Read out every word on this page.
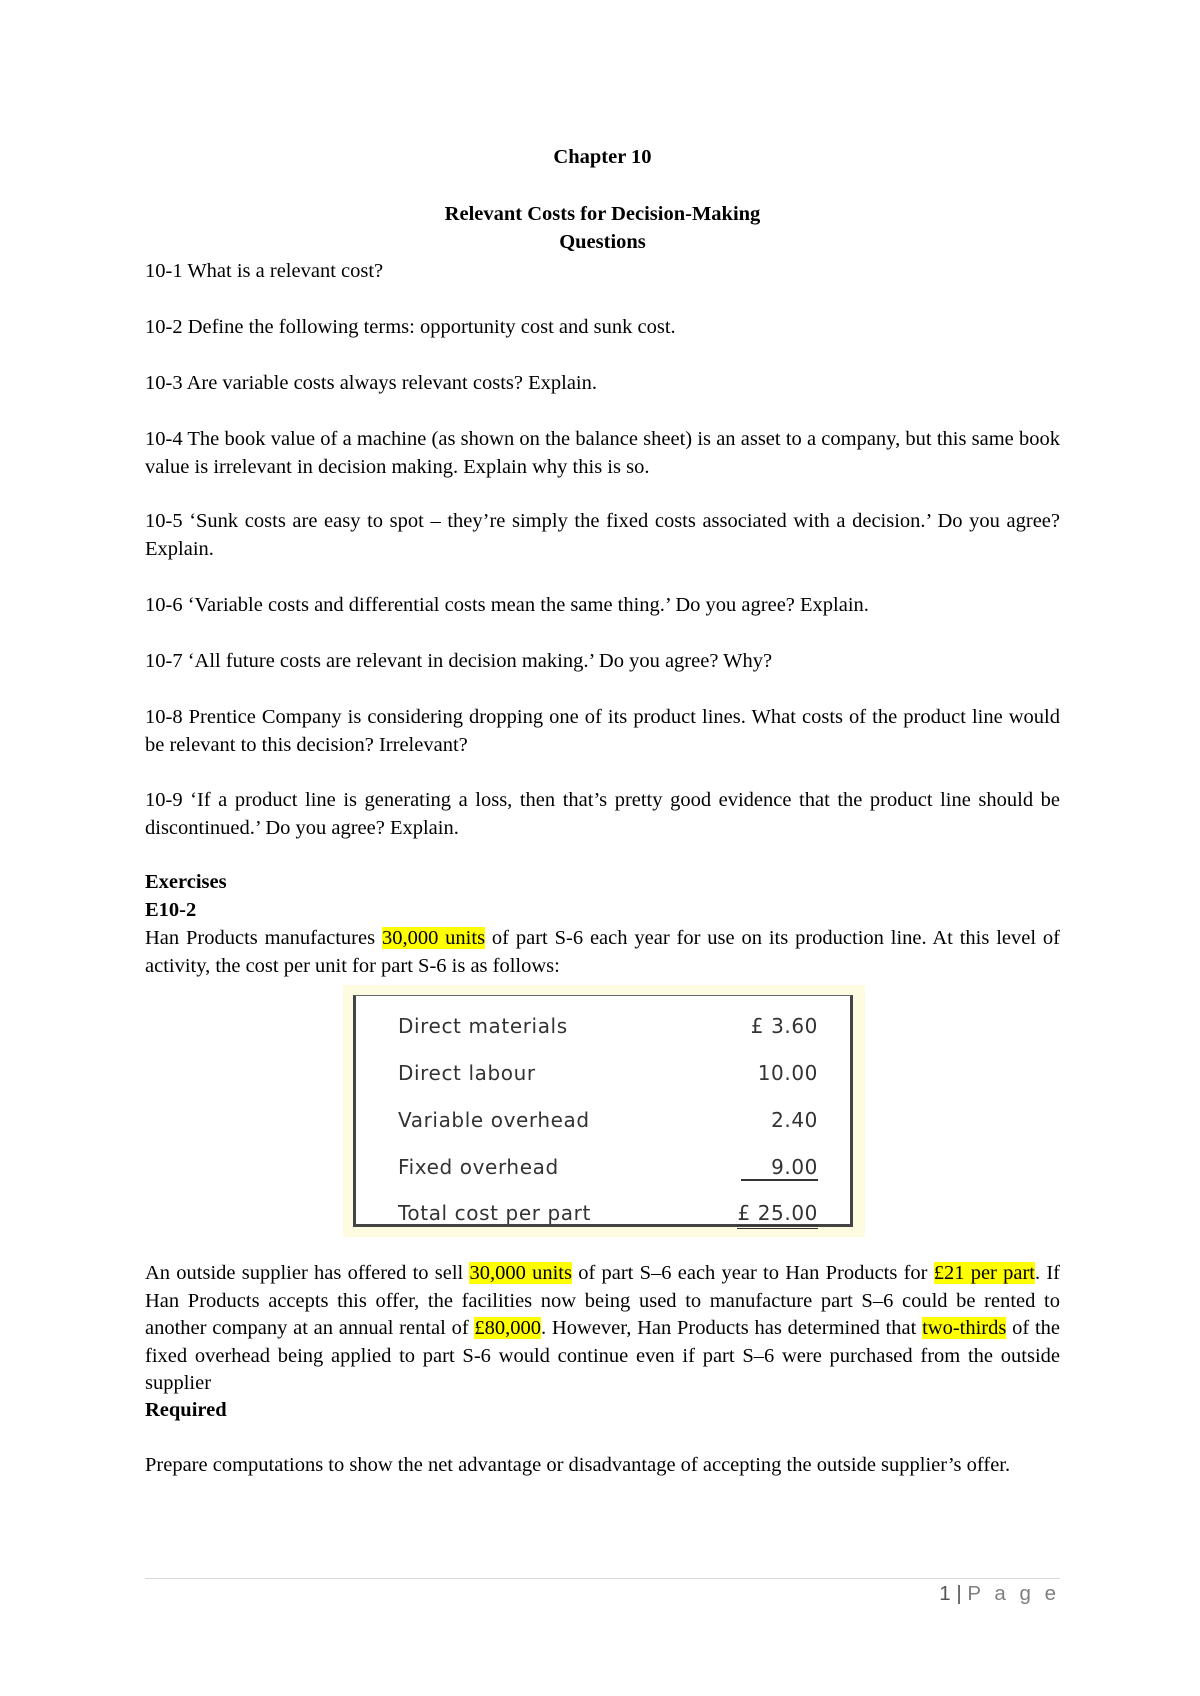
Chapter 10
Relevant Costs for Decision-Making
Questions

10-1 What is a relevant cost?

10-2 Define the following terms: opportunity cost and sunk cost.

10-3 Are variable costs always relevant costs? Explain.

10-4 The book value of a machine (as shown on the balance sheet) is an asset to a company, but this same book value is irrelevant in decision making. Explain why this is so.

10-5 ‘Sunk costs are easy to spot – they’re simply the fixed costs associated with a decision.’ Do you agree? Explain.

10-6 ‘Variable costs and differential costs mean the same thing.’ Do you agree? Explain.

10-7 ‘All future costs are relevant in decision making.’ Do you agree? Why?

10-8 Prentice Company is considering dropping one of its product lines. What costs of the product line would be relevant to this decision? Irrelevant?

10-9 ‘If a product line is generating a loss, then that’s pretty good evidence that the product line should be discontinued.’ Do you agree? Explain.

Exercises

E10-2

Han Products manufactures 30,000 units of part S-6 each year for use on its production line. At this level of activity, the cost per unit for part S-6 is as follows:

An outside supplier has offered to sell 30,000 units of part S–6 each year to Han Products for £21 per part. If Han Products accepts this offer, the facilities now being used to manufacture part S–6 could be rented to another company at an annual rental of £80,000. However, Han Products has determined that two-thirds of the fixed overhead being applied to part S-6 would continue even if part S–6 were purchased from the outside supplier

Required

Prepare computations to show the net advantage or disadvantage of accepting the outside supplier’s offer.

Direct materials	£ 3.60
Direct labour	10.00
Variable overhead	2.40
Fixed overhead	9.00
Total cost per part	£ 25.00
1 | P a g e
